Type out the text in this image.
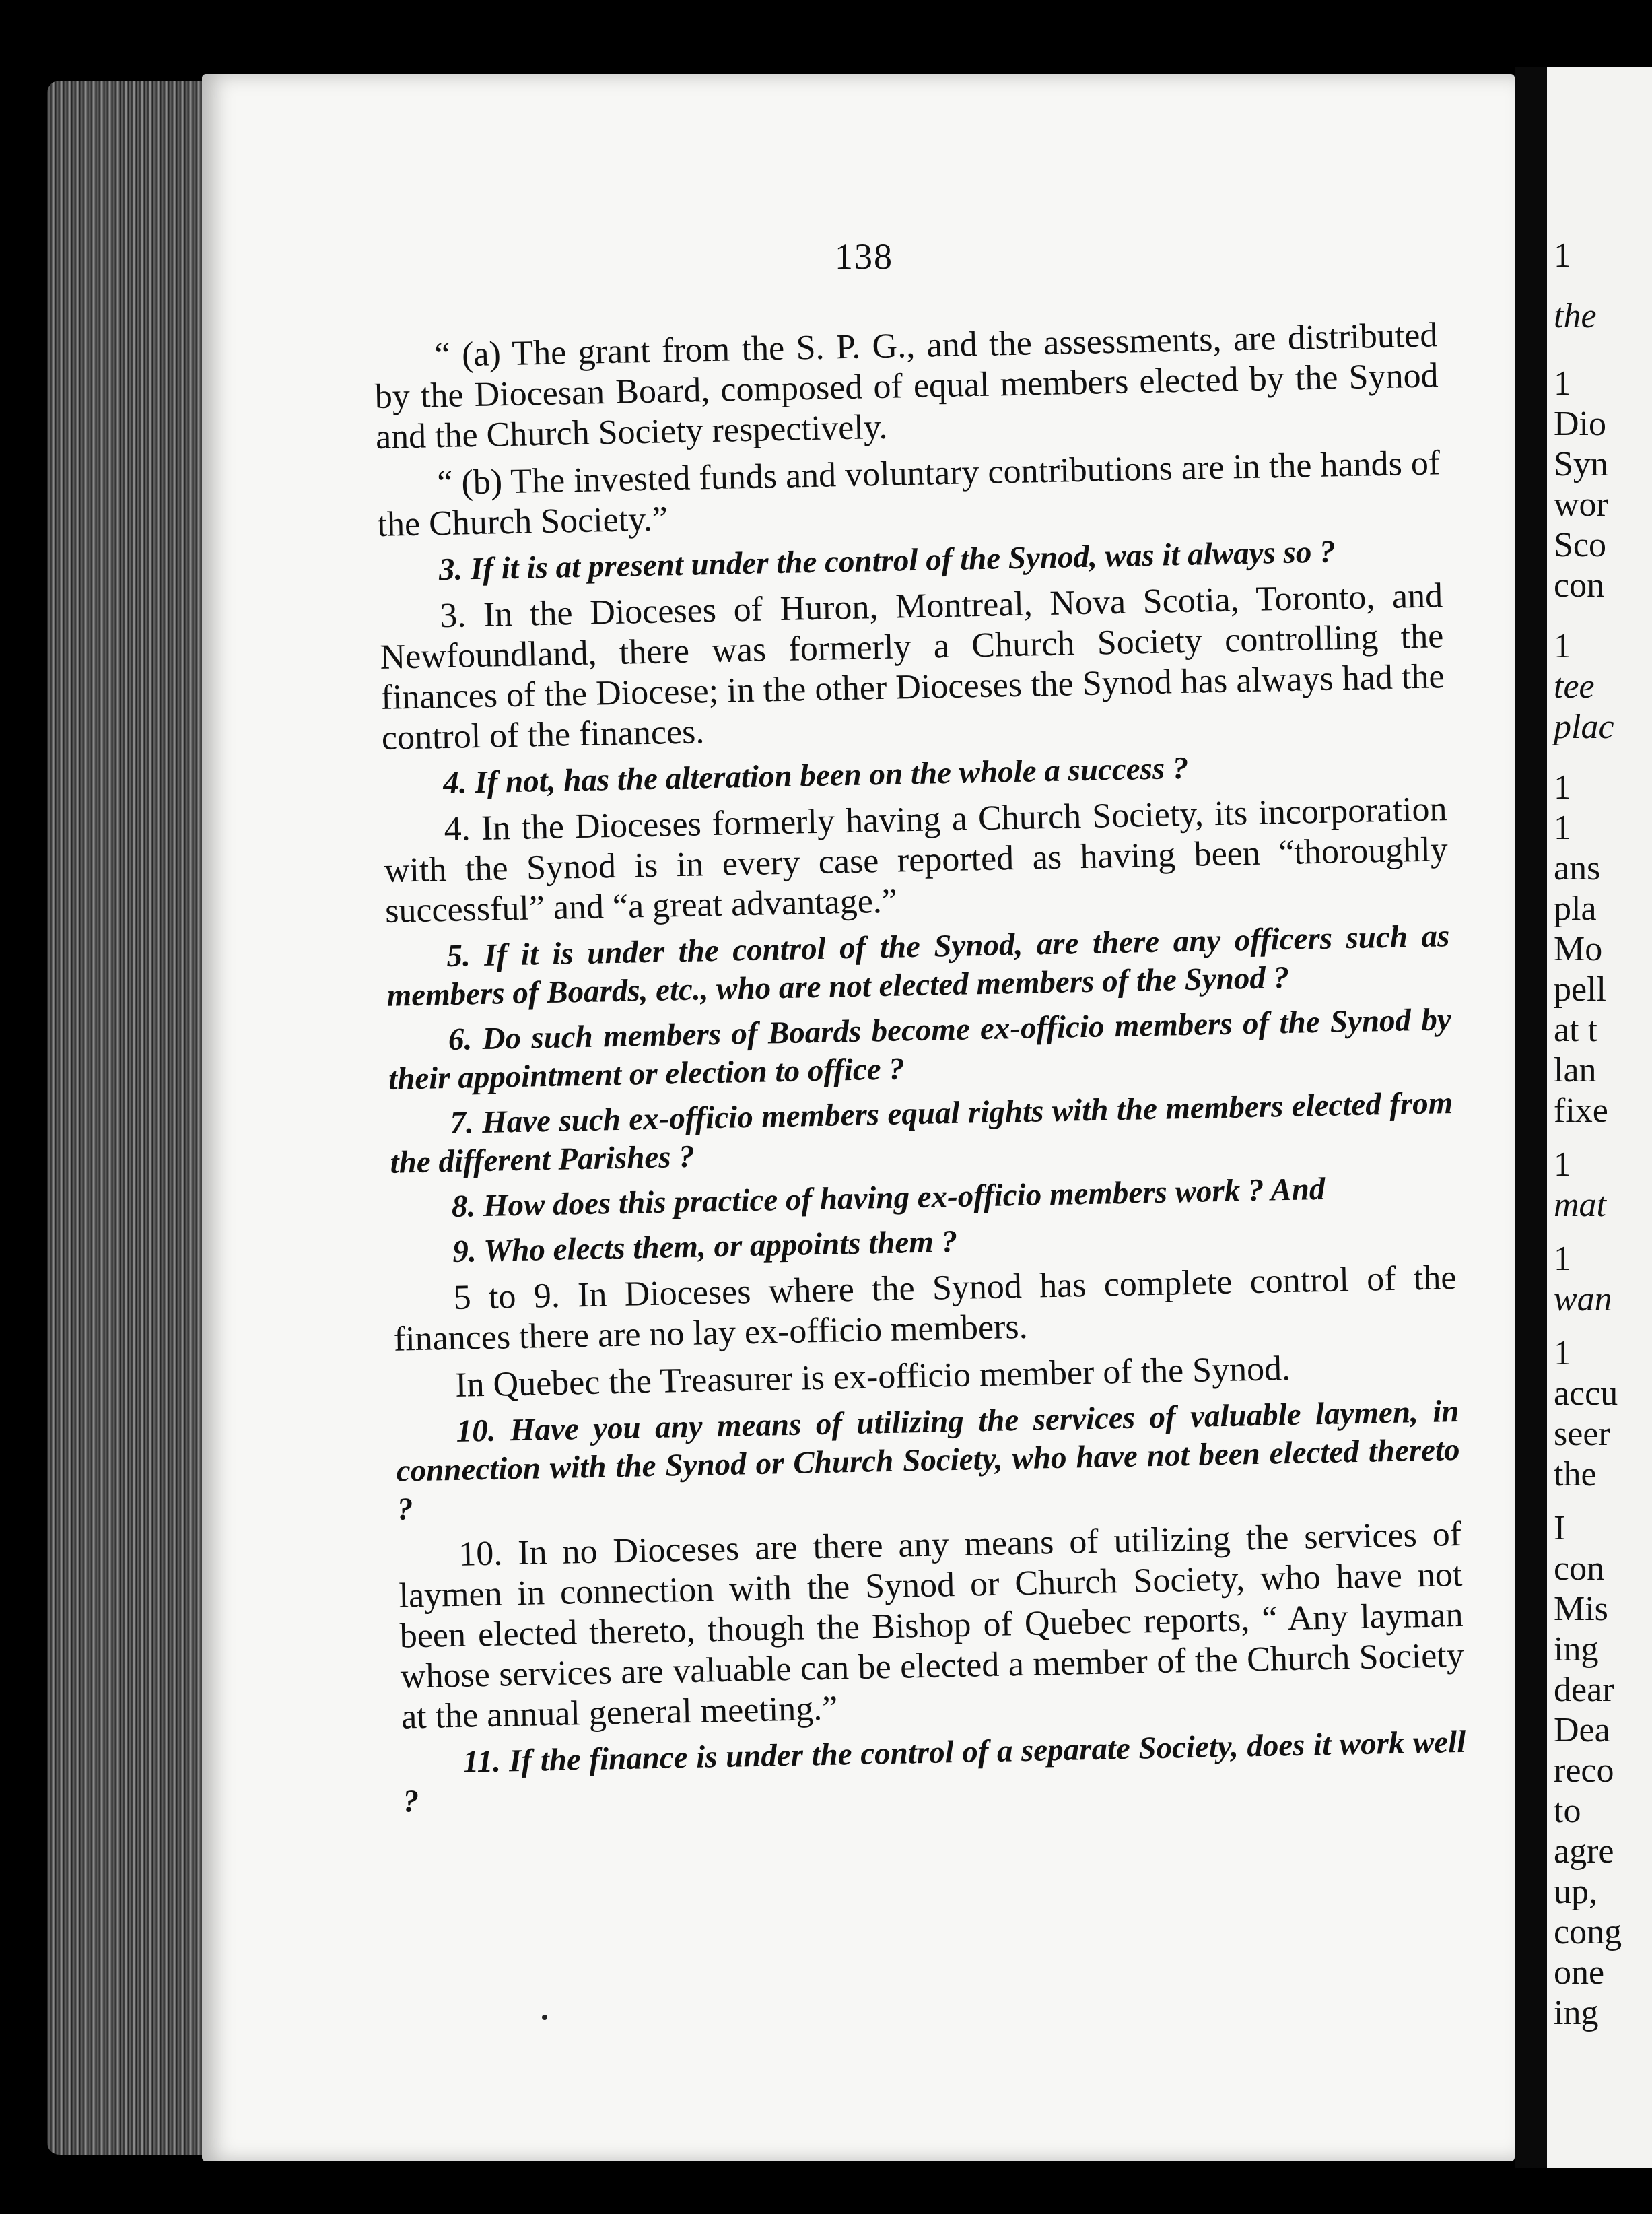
1
the
1
Dio
Syn
wor
Sco
con
1
tee
plac
1
1
ans
pla
Mo
pell
at t
lan
fixe
1
mat
1
wan
1
accu
seer
the
I
con
Mis
ing
dear
Dea
reco
to
agre
up,
cong
one
ing
138

“ (a) The grant from the S. P. G., and the assessments, are distributed by the Diocesan Board, composed of equal members elected by the Synod and the Church Society respectively.

“ (b) The invested funds and voluntary contributions are in the hands of the Church Society.”

3. If it is at present under the control of the Synod, was it always so ?

3. In the Dioceses of Huron, Montreal, Nova Scotia, Toronto, and Newfoundland, there was formerly a Church Society controlling the finances of the Diocese; in the other Dioceses the Synod has always had the control of the finances.

4. If not, has the alteration been on the whole a success ?

4. In the Dioceses formerly having a Church Society, its incorporation with the Synod is in every case reported as having been “thoroughly successful” and “a great advantage.”

5. If it is under the control of the Synod, are there any officers such as members of Boards, etc., who are not elected members of the Synod ?

6. Do such members of Boards become ex-officio members of the Synod by their appointment or election to office ?

7. Have such ex-officio members equal rights with the members elected from the different Parishes ?

8. How does this practice of having ex-officio members work ? And

9. Who elects them, or appoints them ?

5 to 9. In Dioceses where the Synod has complete control of the finances there are no lay ex-officio members.

In Quebec the Treasurer is ex-officio member of the Synod.

10. Have you any means of utilizing the services of valuable laymen, in connection with the Synod or Church Society, who have not been elected thereto ?

10. In no Dioceses are there any means of utilizing the services of laymen in connection with the Synod or Church Society, who have not been elected thereto, though the Bishop of Quebec reports, “ Any layman whose services are valuable can be elected a member of the Church Society at the annual general meeting.”

11. If the finance is under the control of a separate Society, does it work well ?
